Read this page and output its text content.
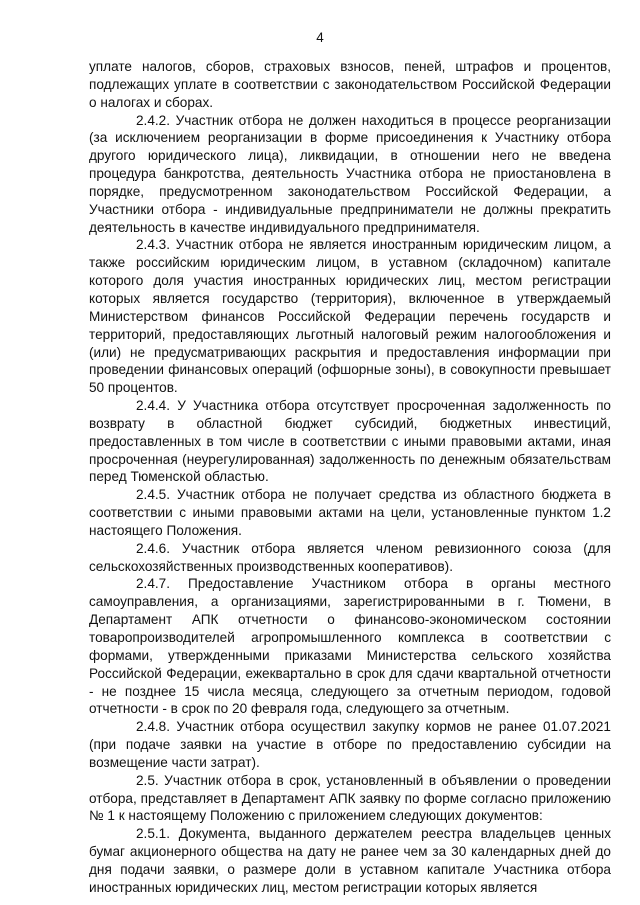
4

уплате налогов, сборов, страховых взносов, пеней, штрафов и процентов, подлежащих уплате в соответствии с законодательством Российской Федерации о налогах и сборах.

2.4.2. Участник отбора не должен находиться в процессе реорганизации (за исключением реорганизации в форме присоединения к Участнику отбора другого юридического лица), ликвидации, в отношении него не введена процедура банкротства, деятельность Участника отбора не приостановлена в порядке, предусмотренном законодательством Российской Федерации, а Участники отбора - индивидуальные предприниматели не должны прекратить деятельность в качестве индивидуального предпринимателя.

2.4.3. Участник отбора не является иностранным юридическим лицом, а также российским юридическим лицом, в уставном (складочном) капитале которого доля участия иностранных юридических лиц, местом регистрации которых является государство (территория), включенное в утверждаемый Министерством финансов Российской Федерации перечень государств и территорий, предоставляющих льготный налоговый режим налогообложения и (или) не предусматривающих раскрытия и предоставления информации при проведении финансовых операций (офшорные зоны), в совокупности превышает 50 процентов.

2.4.4. У Участника отбора отсутствует просроченная задолженность по возврату в областной бюджет субсидий, бюджетных инвестиций, предоставленных в том числе в соответствии с иными правовыми актами, иная просроченная (неурегулированная) задолженность по денежным обязательствам перед Тюменской областью.

2.4.5. Участник отбора не получает средства из областного бюджета в соответствии с иными правовыми актами на цели, установленные пунктом 1.2 настоящего Положения.

2.4.6. Участник отбора является членом ревизионного союза (для сельскохозяйственных производственных кооперативов).

2.4.7. Предоставление Участником отбора в органы местного самоуправления, а организациями, зарегистрированными в г. Тюмени, в Департамент АПК отчетности о финансово-экономическом состоянии товаропроизводителей агропромышленного комплекса в соответствии с формами, утвержденными приказами Министерства сельского хозяйства Российской Федерации, ежеквартально в срок для сдачи квартальной отчетности - не позднее 15 числа месяца, следующего за отчетным периодом, годовой отчетности - в срок по 20 февраля года, следующего за отчетным.

2.4.8. Участник отбора осуществил закупку кормов не ранее 01.07.2021 (при подаче заявки на участие в отборе по предоставлению субсидии на возмещение части затрат).

2.5. Участник отбора в срок, установленный в объявлении о проведении отбора, представляет в Департамент АПК заявку по форме согласно приложению № 1 к настоящему Положению с приложением следующих документов:

2.5.1. Документа, выданного держателем реестра владельцев ценных бумаг акционерного общества на дату не ранее чем за 30 календарных дней до дня подачи заявки, о размере доли в уставном капитале Участника отбора иностранных юридических лиц, местом регистрации которых является
